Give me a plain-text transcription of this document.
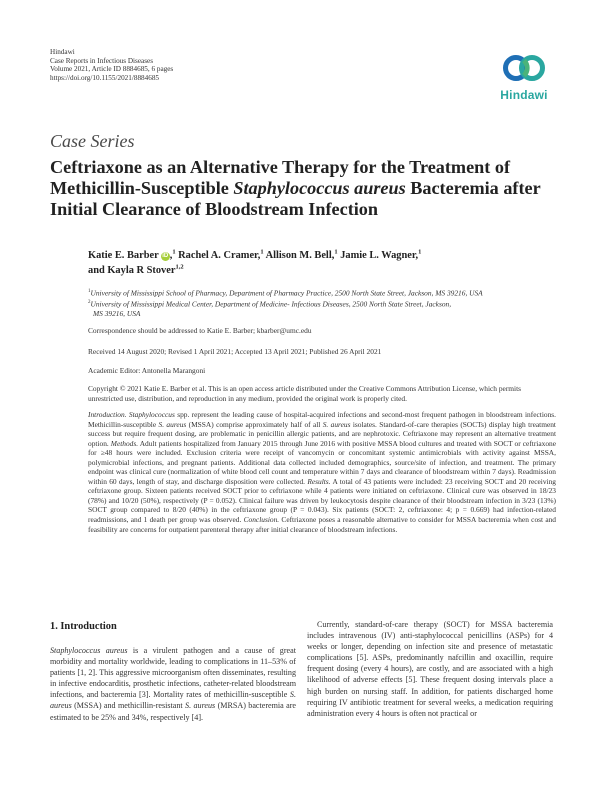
Hindawi
Case Reports in Infectious Diseases
Volume 2021, Article ID 8884685, 6 pages
https://doi.org/10.1155/2021/8884685
Hindawi
Case Series
Ceftriaxone as an Alternative Therapy for the Treatment of Methicillin-Susceptible Staphylococcus aureus Bacteremia after Initial Clearance of Bloodstream Infection
Katie E. Barber iD ,$^1$ Rachel A. Cramer,$^1$ Allison M. Bell,$^1$ Jamie L. Wagner,$^1$
and Kayla R Stover$^{1,2}$
$^1$University of Mississippi School of Pharmacy, Department of Pharmacy Practice, 2500 North State Street, Jackson, MS 39216, USA
$^2$University of Mississippi Medical Center, Department of Medicine- Infectious Diseases, 2500 North State Street, Jackson,
MS 39216, USA
Correspondence should be addressed to Katie E. Barber; kbarber@umc.edu
Received 14 August 2020; Revised 1 April 2021; Accepted 13 April 2021; Published 26 April 2021
Academic Editor: Antonella Marangoni
Copyright © 2021 Katie E. Barber et al. This is an open access article distributed under the Creative Commons Attribution License, which permits unrestricted use, distribution, and reproduction in any medium, provided the original work is properly cited.
Introduction. Staphylococcus spp. represent the leading cause of hospital-acquired infections and second-most frequent pathogen in bloodstream infections. Methicillin-susceptible S. aureus (MSSA) comprise approximately half of all S. aureus isolates. Standard-of-care therapies (SOCTs) display high treatment success but require frequent dosing, are problematic in penicillin allergic patients, and are nephrotoxic. Ceftriaxone may represent an alternative treatment option. Methods. Adult patients hospitalized from January 2015 through June 2016 with positive MSSA blood cultures and treated with SOCT or ceftriaxone for ≥48 hours were included. Exclusion criteria were receipt of vancomycin or concomitant systemic antimicrobials with activity against MSSA, polymicrobial infections, and pregnant patients. Additional data collected included demographics, source/site of infection, and treatment. The primary endpoint was clinical cure (normalization of white blood cell count and temperature within 7 days and clearance of bloodstream within 7 days). Readmission within 60 days, length of stay, and discharge disposition were collected. Results. A total of 43 patients were included: 23 receiving SOCT and 20 receiving ceftriaxone group. Sixteen patients received SOCT prior to ceftriaxone while 4 patients were initiated on ceftriaxone. Clinical cure was observed in 18/23 (78%) and 10/20 (50%), respectively (P = 0.052). Clinical failure was driven by leukocytosis despite clearance of their bloodstream infection in 3/23 (13%) SOCT group compared to 8/20 (40%) in the ceftriaxone group (P = 0.043). Six patients (SOCT: 2, ceftriaxone: 4; p = 0.669) had infection-related readmissions, and 1 death per group was observed. Conclusion. Ceftriaxone poses a reasonable alternative to consider for MSSA bacteremia when cost and feasibility are concerns for outpatient parenteral therapy after initial clearance of bloodstream infections.
1. Introduction
Staphylococcus aureus is a virulent pathogen and a cause of great morbidity and mortality worldwide, leading to complications in 11–53% of patients [1, 2]. This aggressive microorganism often disseminates, resulting in infective endocarditis, prosthetic infections, catheter-related bloodstream infections, and bacteremia [3]. Mortality rates of methicillin-susceptible S. aureus (MSSA) and methicillin-resistant S. aureus (MRSA) bacteremia are estimated to be 25% and 34%, respectively [4].
Currently, standard-of-care therapy (SOCT) for MSSA bacteremia includes intravenous (IV) anti-staphylococcal penicillins (ASPs) for 4 weeks or longer, depending on infection site and presence of metastatic complications [5]. ASPs, predominantly nafcillin and oxacillin, require frequent dosing (every 4 hours), are costly, and are associated with a high likelihood of adverse effects [5]. These frequent dosing intervals place a high burden on nursing staff. In addition, for patients discharged home requiring IV antibiotic treatment for several weeks, a medication requiring administration every 4 hours is often not practical or
